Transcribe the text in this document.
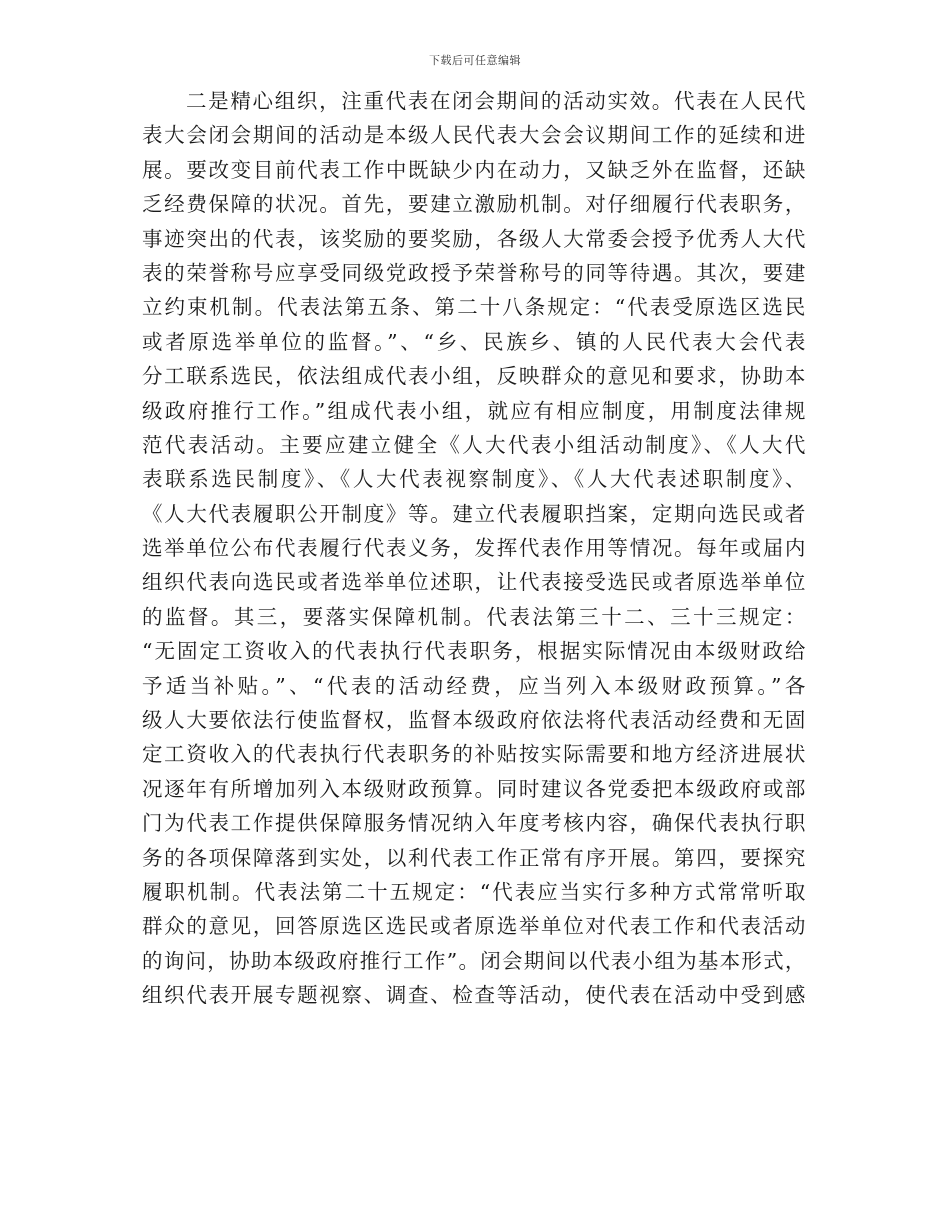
下载后可任意编辑
二是精心组织，注重代表在闭会期间的活动实效。代表在人民代
表大会闭会期间的活动是本级人民代表大会会议期间工作的延续和进
展。要改变目前代表工作中既缺少内在动力，又缺乏外在监督，还缺
乏经费保障的状况。首先，要建立激励机制。对仔细履行代表职务，
事迹突出的代表，该奖励的要奖励，各级人大常委会授予优秀人大代
表的荣誉称号应享受同级党政授予荣誉称号的同等待遇。其次，要建
立约束机制。代表法第五条、第二十八条规定：“代表受原选区选民
或者原选举单位的监督。”、“乡、民族乡、镇的人民代表大会代表
分工联系选民，依法组成代表小组，反映群众的意见和要求，协助本
级政府推行工作。”组成代表小组，就应有相应制度，用制度法律规
范代表活动。主要应建立健全《人大代表小组活动制度》、《人大代
表联系选民制度》、《人大代表视察制度》、《人大代表述职制度》、
《人大代表履职公开制度》等。建立代表履职挡案，定期向选民或者
选举单位公布代表履行代表义务，发挥代表作用等情况。每年或届内
组织代表向选民或者选举单位述职，让代表接受选民或者原选举单位
的监督。其三，要落实保障机制。代表法第三十二、三十三规定：
“无固定工资收入的代表执行代表职务，根据实际情况由本级财政给
予适当补贴。”、“代表的活动经费，应当列入本级财政预算。”各
级人大要依法行使监督权，监督本级政府依法将代表活动经费和无固
定工资收入的代表执行代表职务的补贴按实际需要和地方经济进展状
况逐年有所增加列入本级财政预算。同时建议各党委把本级政府或部
门为代表工作提供保障服务情况纳入年度考核内容，确保代表执行职
务的各项保障落到实处，以利代表工作正常有序开展。第四，要探究
履职机制。代表法第二十五规定：“代表应当实行多种方式常常听取
群众的意见，回答原选区选民或者原选举单位对代表工作和代表活动
的询问，协助本级政府推行工作”。闭会期间以代表小组为基本形式，
组织代表开展专题视察、调查、检查等活动，使代表在活动中受到感
